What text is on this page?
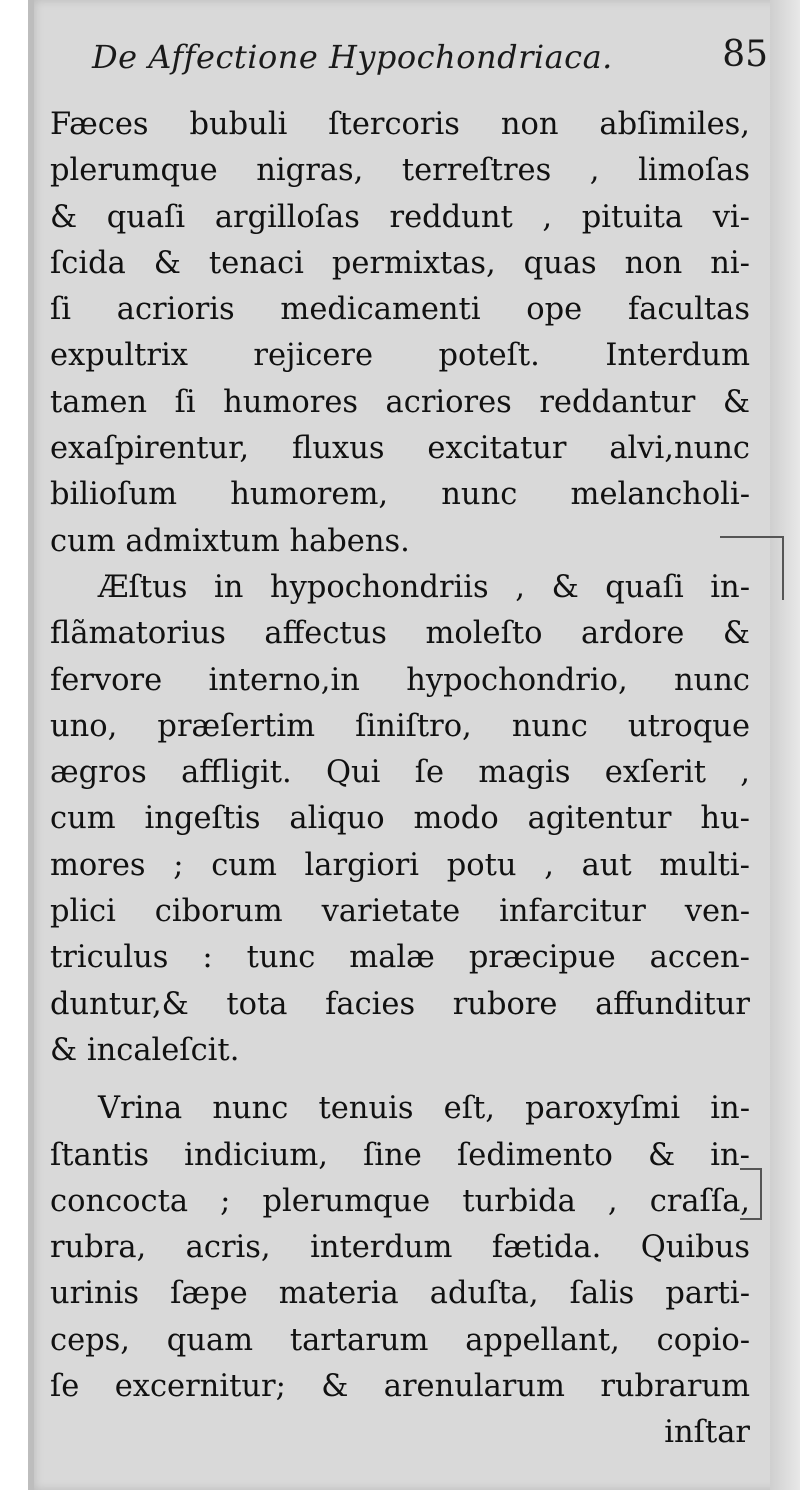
De Affectione Hypochondriaca.	85
Fæces bubuli ſtercoris non abſimiles,
plerumque nigras, terreſtres , limoſas
& quaſi argilloſas reddunt , pituita vi-
ſcida & tenaci permixtas, quas non ni-
ſi acrioris medicamenti ope facultas
expultrix rejicere poteſt. Interdum
tamen ſi humores acriores reddantur &
exaſpirentur, fluxus excitatur alvi,nunc
bilioſum humorem, nunc melancholi-
cum admixtum habens.
Æſtus in hypochondriis , & quaſi in-
flãmatorius affectus moleſto ardore &
fervore interno,in hypochondrio, nunc
uno, præſertim ſiniſtro, nunc utroque
ægros affligit. Qui ſe magis exſerit ,
cum ingeſtis aliquo modo agitentur hu-
mores ; cum largiori potu , aut multi-
plici ciborum varietate infarcitur ven-
triculus : tunc malæ præcipue accen-
duntur,& tota facies rubore affunditur
& incaleſcit.
Vrina nunc tenuis eſt, paroxyſmi in-
ſtantis indicium, ſine ſedimento & in-
concocta ; plerumque turbida , craſſa,
rubra, acris, interdum fætida. Quibus
urinis ſæpe materia aduſta, ſalis parti-
ceps, quam tartarum appellant, copio-
ſe excernitur; & arenularum rubrarum
inſtar
